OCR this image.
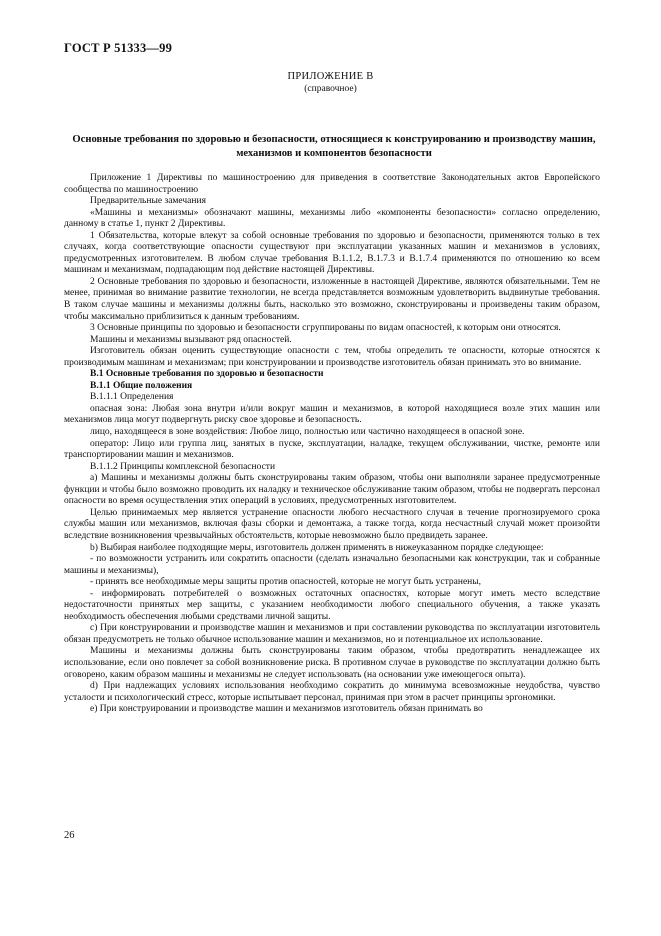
ГОСТ Р 51333—99
ПРИЛОЖЕНИЕ В
(справочное)
Основные требования по здоровью и безопасности, относящиеся к конструированию и производству машин, механизмов и компонентов безопасности

Приложение 1 Директивы по машиностроению для приведения в соответствие Законодательных актов Европейского сообщества по машиностроению

Предварительные замечания

«Машины и механизмы» обозначают машины, механизмы либо «компоненты безопасности» согласно определению, данному в статье 1, пункт 2 Директивы.

1 Обязательства, которые влекут за собой основные требования по здоровью и безопасности, применяются только в тех случаях, когда соответствующие опасности существуют при эксплуатации указанных машин и механизмов в условиях, предусмотренных изготовителем. В любом случае требования В.1.1.2, В.1.7.3 и В.1.7.4 применяются по отношению ко всем машинам и механизмам, подпадающим под действие настоящей Директивы.

2 Основные требования по здоровью и безопасности, изложенные в настоящей Директиве, являются обязательными. Тем не менее, принимая во внимание развитие технологии, не всегда представляется возможным удовлетворить выдвинутые требования. В таком случае машины и механизмы должны быть, насколько это возможно, сконструированы и произведены таким образом, чтобы максимально приблизиться к данным требованиям.

3 Основные принципы по здоровью и безопасности сгруппированы по видам опасностей, к которым они относятся.

Машины и механизмы вызывают ряд опасностей.

Изготовитель обязан оценить существующие опасности с тем, чтобы определить те опасности, которые относятся к производимым машинам и механизмам; при конструировании и производстве изготовитель обязан принимать это во внимание.

В.1 Основные требования по здоровью и безопасности

В.1.1 Общие положения

В.1.1.1 Определения

опасная зона: Любая зона внутри и/или вокруг машин и механизмов, в которой находящиеся возле этих машин или механизмов лица могут подвергнуть риску свое здоровье и безопасность.

лицо, находящееся в зоне воздействия: Любое лицо, полностью или частично находящееся в опасной зоне.

оператор: Лицо или группа лиц, занятых в пуске, эксплуатации, наладке, текущем обслуживании, чистке, ремонте или транспортировании машин и механизмов.

В.1.1.2 Принципы комплексной безопасности

а) Машины и механизмы должны быть сконструированы таким образом, чтобы они выполняли заранее предусмотренные функции и чтобы было возможно проводить их наладку и техническое обслуживание таким образом, чтобы не подвергать персонал опасности во время осуществления этих операций в условиях, предусмотренных изготовителем.

Целью принимаемых мер является устранение опасности любого несчастного случая в течение прогнозируемого срока службы машин или механизмов, включая фазы сборки и демонтажа, а также тогда, когда несчастный случай может произойти вследствие возникновения чрезвычайных обстоятельств, которые невозможно было предвидеть заранее.

b) Выбирая наиболее подходящие меры, изготовитель должен применять в нижеуказанном порядке следующее:

- по возможности устранить или сократить опасности (сделать изначально безопасными как конструкции, так и собранные машины и механизмы),

- принять все необходимые меры защиты против опасностей, которые не могут быть устранены,

- информировать потребителей о возможных остаточных опасностях, которые могут иметь место вследствие недостаточности принятых мер защиты, с указанием необходимости любого специального обучения, а также указать необходимость обеспечения любыми средствами личной защиты.

с) При конструировании и производстве машин и механизмов и при составлении руководства по эксплуатации изготовитель обязан предусмотреть не только обычное использование машин и механизмов, но и потенциальное их использование.

Машины и механизмы должны быть сконструированы таким образом, чтобы предотвратить ненадлежащее их использование, если оно повлечет за собой возникновение риска. В противном случае в руководстве по эксплуатации должно быть оговорено, каким образом машины и механизмы не следует использовать (на основании уже имеющегося опыта).

d) При надлежащих условиях использования необходимо сократить до минимума всевозможные неудобства, чувство усталости и психологический стресс, которые испытывает персонал, принимая при этом в расчет принципы эргономики.

е) При конструировании и производстве машин и механизмов изготовитель обязан принимать во

26
